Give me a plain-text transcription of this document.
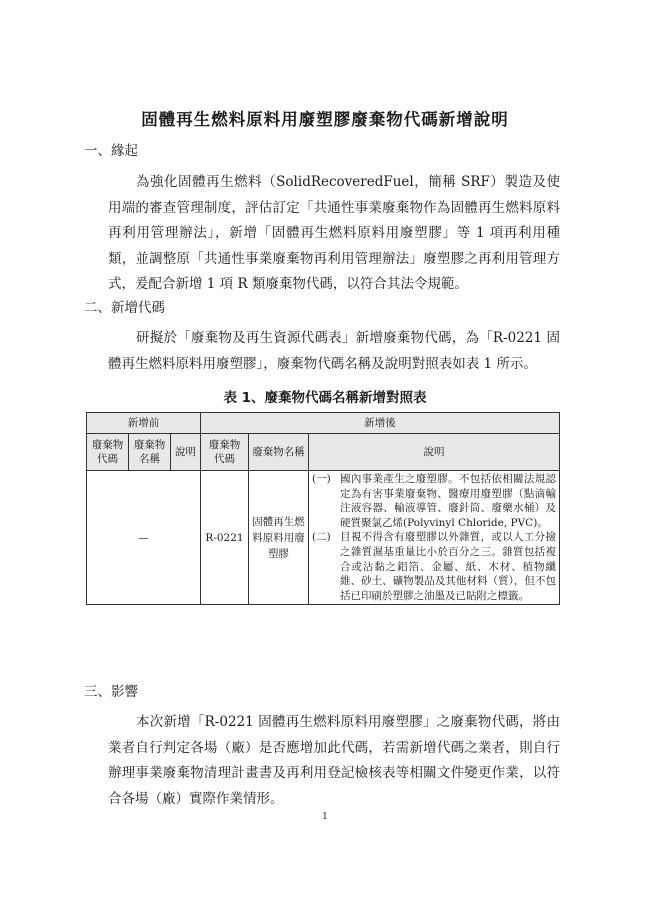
固體再生燃料原料用廢塑膠廢棄物代碼新增說明
一、緣起

為強化固體再生燃料（SolidRecoveredFuel，簡稱 SRF）製造及使用端的審查管理制度，評估訂定「共通性事業廢棄物作為固體再生燃料原料再利用管理辦法」，新增「固體再生燃料原料用廢塑膠」等 1 項再利用種類，並調整原「共通性事業廢棄物再利用管理辦法」廢塑膠之再利用管理方式，爰配合新增 1 項 R 類廢棄物代碼，以符合其法令規範。

二、新增代碼

研擬於「廢棄物及再生資源代碼表」新增廢棄物代碼，為「R-0221 固體再生燃料原料用廢塑膠」，廢棄物代碼名稱及說明對照表如表 1 所示。

表 1、廢棄物代碼名稱新增對照表
新增前			新增後		
廢棄物代碼	廢棄物名稱	說明	廢棄物代碼	廢棄物名稱	說明
—			R-0221	固體再生燃料原料用廢塑膠	(一) 國內事業產生之廢塑膠。不包括依相關法規認定為有害事業廢棄物、醫療用廢塑膠（點滴輸注液容器、輸液導管、廢針筒、廢藥水桶）及硬質聚氯乙烯(Polyvinyl Chloride, PVC)。
(二) 目視不得含有廢塑膠以外雜質，或以人工分撿之雜質濕基重量比小於百分之三。雜質包括複合或沾黏之鋁箔、金屬、紙、木材、植物纖維、砂土、礦物製品及其他材料（質），但不包括已印刷於塑膠之油墨及已貼附之標籤。
三、影響

本次新增「R-0221 固體再生燃料原料用廢塑膠」之廢棄物代碼，將由業者自行判定各場（廠）是否應增加此代碼，若需新增代碼之業者，則自行辦理事業廢棄物清理計畫書及再利用登記檢核表等相關文件變更作業，以符合各場（廠）實際作業情形。

1
